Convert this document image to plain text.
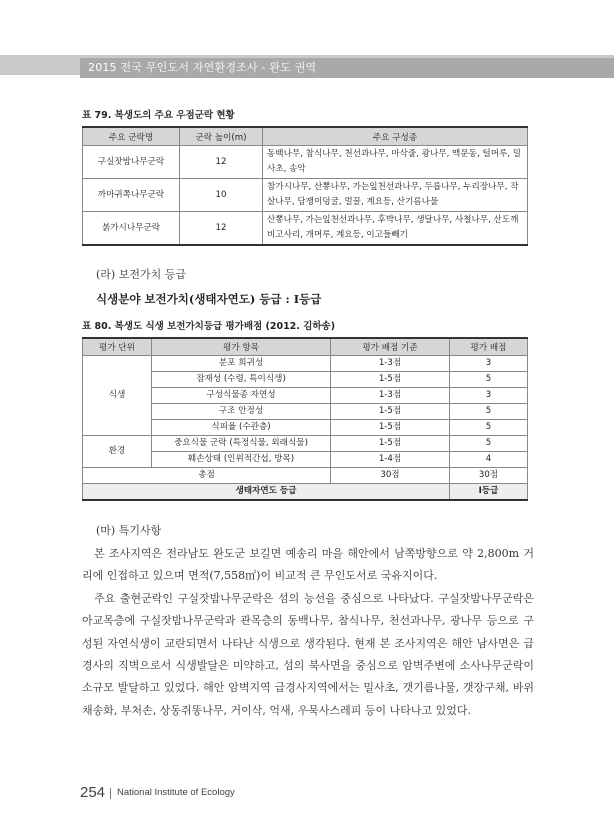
2015 전국 무인도서 자연환경조사 - 완도 권역
표 79. 복생도의 주요 우점군락 현황
주요 군락명	군락 높이(m)	주요 구성종
구실잣밤나무군락	12	동백나무, 참식나무, 천선과나무, 마삭줄, 광나무, 맥문동, 털머루, 밀사초, 송악
까마귀쪽나무군락	10	참가시나무, 산뽕나무, 가는잎천선과나무, 두릅나무, 누리장나무, 작살나무, 담쟁이덩굴, 멀꿀, 계요등, 산기름나물
붉가시나무군락	12	산뽕나무, 가는잎천선과나무, 후박나무, 생달나무, 사철나무, 산도깨비고사리, 개머루, 계요등, 이고들빼기
(라) 보전가치 등급
식생분야 보전가치(생태자연도) 등급 : Ⅰ등급
표 80. 복생도 식생 보전가치등급 평가배점 (2012. 김하송)
평가 단위	평가 항목	평가 배점 기준	평가 배점
식생	분포 희귀성	1-3점	3
	잠재성 (수령, 특이식생)	1-5점	5
	구성식물종 자연성	1-3점	3
	구조 안정성	1-5점	5
	식피율 (수관층)	1-5점	5
환경	중요식물 군락 (특정식물, 외래식물)	1-5점	5
	훼손상태 (인위적간섭, 방목)	1-4점	4
총점		30점	30점
생태자연도 등급			Ⅰ등급
(마) 특기사항

본 조사지역은 전라남도 완도군 보길면 예송리 마을 해안에서 남쪽방향으로 약 2,800m 거리에 인접하고 있으며 면적(7,558㎡)이 비교적 큰 무인도서로 국유지이다.

주요 출현군락인 구실잣밤나무군락은 섬의 능선을 중심으로 나타났다. 구실잣밤나무군락은 아교목층에 구실잣밤나무군락과 관목층의 동백나무, 참식나무, 천선과나무, 광나무 등으로 구성된 자연식생이 교란되면서 나타난 식생으로 생각된다. 현재 본 조사지역은 해안 남사면은 급경사의 직벽으로서 식생발달은 미약하고, 섬의 북사면을 중심으로 암벽주변에 소사나무군락이 소규모 발달하고 있었다. 해안 암벽지역 급경사지역에서는 밀사초, 갯기름나물, 갯장구채, 바위채송화, 부처손, 상동쥐똥나무, 거이삭, 억새, 우묵사스레피 등이 나타나고 있었다.

254 National Institute of Ecology
